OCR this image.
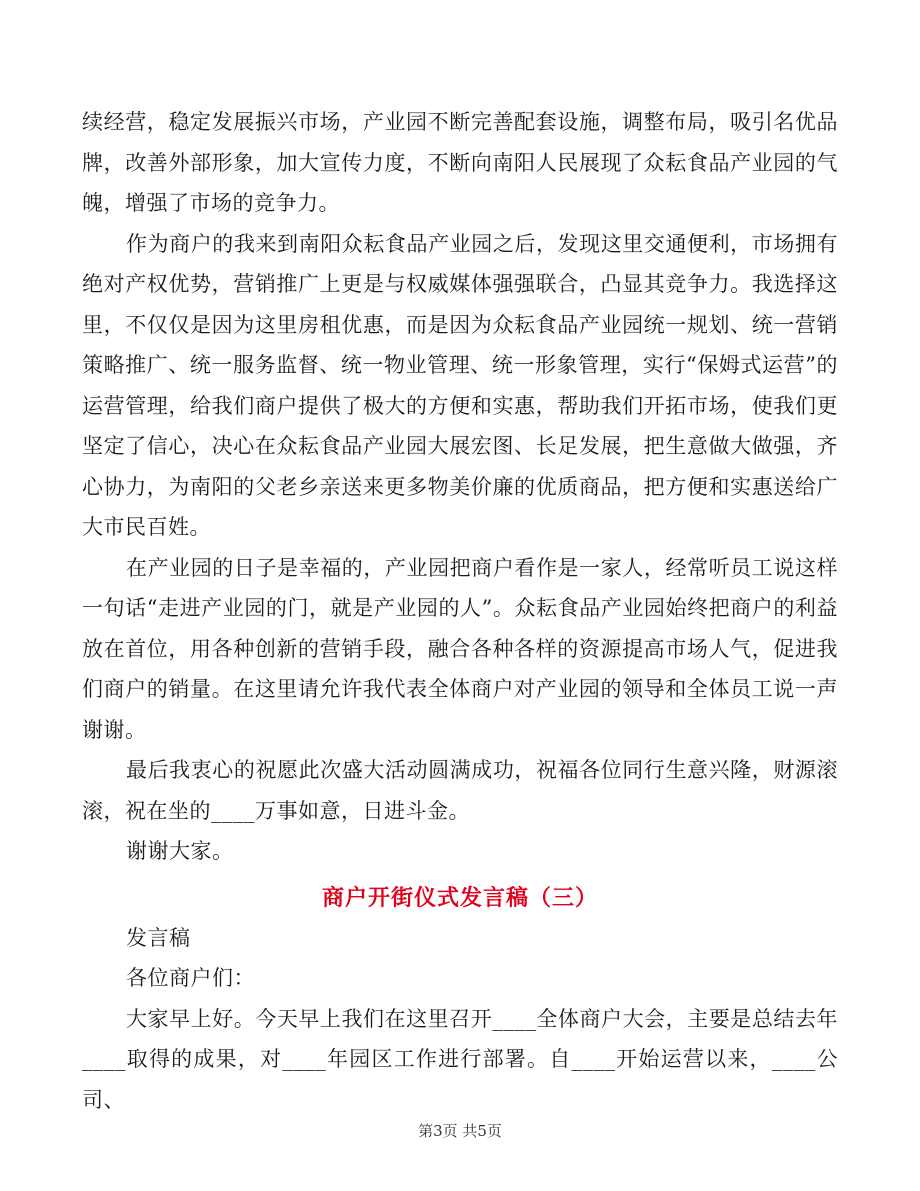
续经营，稳定发展振兴市场，产业园不断完善配套设施，调整布局，吸引名优品牌，改善外部形象，加大宣传力度，不断向南阳人民展现了众耘食品产业园的气魄，增强了市场的竞争力。

作为商户的我来到南阳众耘食品产业园之后，发现这里交通便利，市场拥有绝对产权优势，营销推广上更是与权威媒体强强联合，凸显其竞争力。我选择这里，不仅仅是因为这里房租优惠，而是因为众耘食品产业园统一规划、统一营销策略推广、统一服务监督、统一物业管理、统一形象管理，实行“保姆式运营”的运营管理，给我们商户提供了极大的方便和实惠，帮助我们开拓市场，使我们更坚定了信心，决心在众耘食品产业园大展宏图、长足发展，把生意做大做强，齐心协力，为南阳的父老乡亲送来更多物美价廉的优质商品，把方便和实惠送给广大市民百姓。

在产业园的日子是幸福的，产业园把商户看作是一家人，经常听员工说这样一句话“走进产业园的门，就是产业园的人”。众耘食品产业园始终把商户的利益放在首位，用各种创新的营销手段，融合各种各样的资源提高市场人气，促进我们商户的销量。在这里请允许我代表全体商户对产业园的领导和全体员工说一声谢谢。

最后我衷心的祝愿此次盛大活动圆满成功，祝福各位同行生意兴隆，财源滚滚，祝在坐的____万事如意，日进斗金。

谢谢大家。

商户开街仪式发言稿（三）

发言稿

各位商户们：

大家早上好。今天早上我们在这里召开____全体商户大会，主要是总结去年____取得的成果，对____年园区工作进行部署。自____开始运营以来，____公司、

第3页 共5页
